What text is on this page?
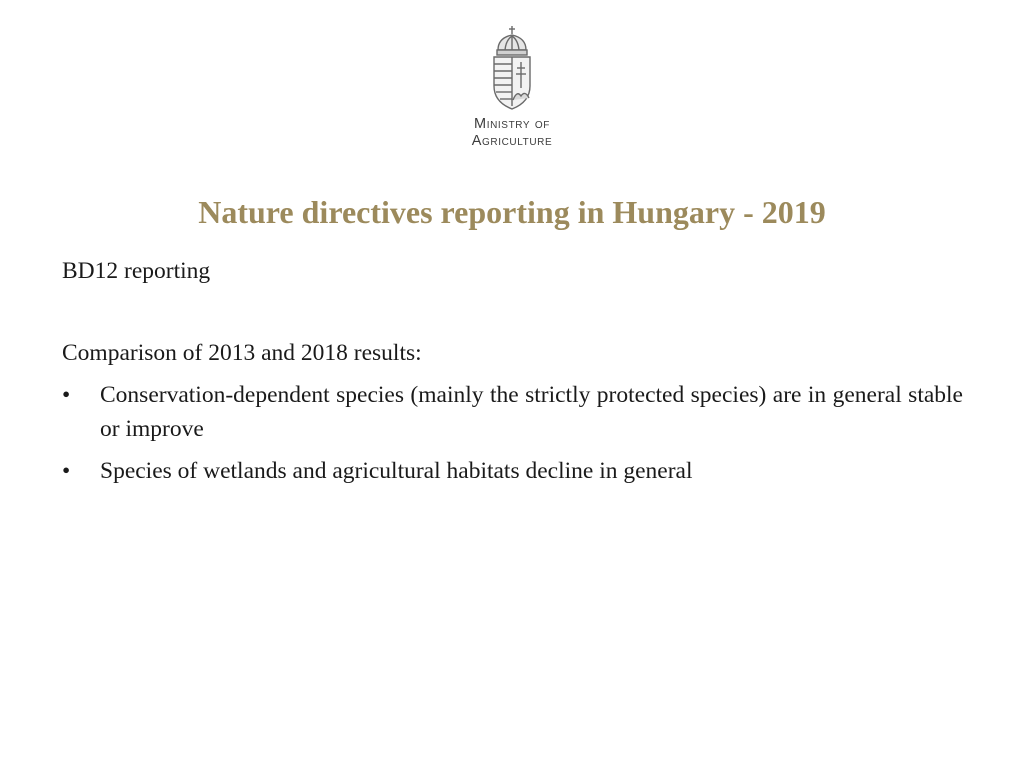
Ministry of
Agriculture
Nature directives reporting in Hungary - 2019

BD12 reporting

Comparison of 2013 and 2018 results:

• Conservation-dependent species (mainly the strictly protected species) are in general stable or improve
• Species of wetlands and agricultural habitats decline in general
